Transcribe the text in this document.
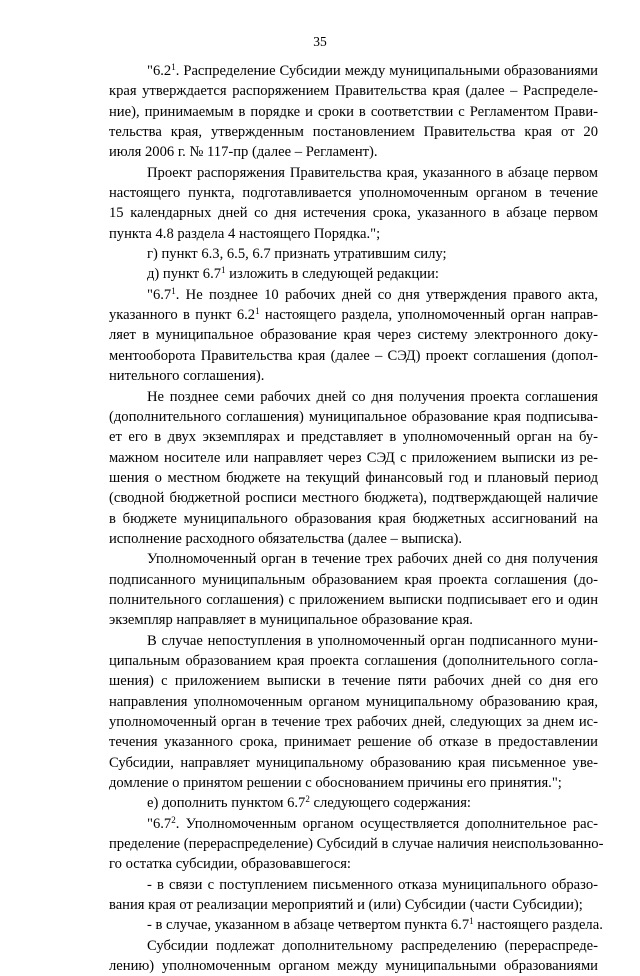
35
"$6.2^1$. Распределение Субсидии между муниципальными образованиями
края утверждается распоряжением Правительства края (далее – Распределе-
ние), принимаемым в порядке и сроки в соответствии с Регламентом Прави-
тельства края, утвержденным постановлением Правительства края от 20
июля 2006 г. № 117-пр (далее – Регламент).
Проект распоряжения Правительства края, указанного в абзаце первом
настоящего пункта, подготавливается уполномоченным органом в течение
15 календарных дней со дня истечения срока, указанного в абзаце первом
пункта 4.8 раздела 4 настоящего Порядка.";
г) пункт 6.3, 6.5, 6.7 признать утратившим силу;
д) пункт $6.7^1$ изложить в следующей редакции:
"$6.7^1$. Не позднее 10 рабочих дней со дня утверждения правого акта,
указанного в пункт $6.2^1$ настоящего раздела, уполномоченный орган направ-
ляет в муниципальное образование края через систему электронного доку-
ментооборота Правительства края (далее – СЭД) проект соглашения (допол-
нительного соглашения).
Не позднее семи рабочих дней со дня получения проекта соглашения
(дополнительного соглашения) муниципальное образование края подписыва-
ет его в двух экземплярах и представляет в уполномоченный орган на бу-
мажном носителе или направляет через СЭД с приложением выписки из ре-
шения о местном бюджете на текущий финансовый год и плановый период
(сводной бюджетной росписи местного бюджета), подтверждающей наличие
в бюджете муниципального образования края бюджетных ассигнований на
исполнение расходного обязательства (далее – выписка).
Уполномоченный орган в течение трех рабочих дней со дня получения
подписанного муниципальным образованием края проекта соглашения (до-
полнительного соглашения) с приложением выписки подписывает его и один
экземпляр направляет в муниципальное образование края.
В случае непоступления в уполномоченный орган подписанного муни-
ципальным образованием края проекта соглашения (дополнительного согла-
шения) с приложением выписки в течение пяти рабочих дней со дня его
направления уполномоченным органом муниципальному образованию края,
уполномоченный орган в течение трех рабочих дней, следующих за днем ис-
течения указанного срока, принимает решение об отказе в предоставлении
Субсидии, направляет муниципальному образованию края письменное уве-
домление о принятом решении с обоснованием причины его принятия.";
е) дополнить пунктом $6.7^2$ следующего содержания:
"$6.7^2$. Уполномоченным органом осуществляется дополнительное рас-
пределение (перераспределение) Субсидий в случае наличия неиспользованно-
го остатка субсидии, образовавшегося:
- в связи с поступлением письменного отказа муниципального образо-
вания края от реализации мероприятий и (или) Субсидии (части Субсидии);
- в случае, указанном в абзаце четвертом пункта $6.7^1$ настоящего раздела.
Субсидии подлежат дополнительному распределению (перераспреде-
лению) уполномоченным органом между муниципальными образованиями
